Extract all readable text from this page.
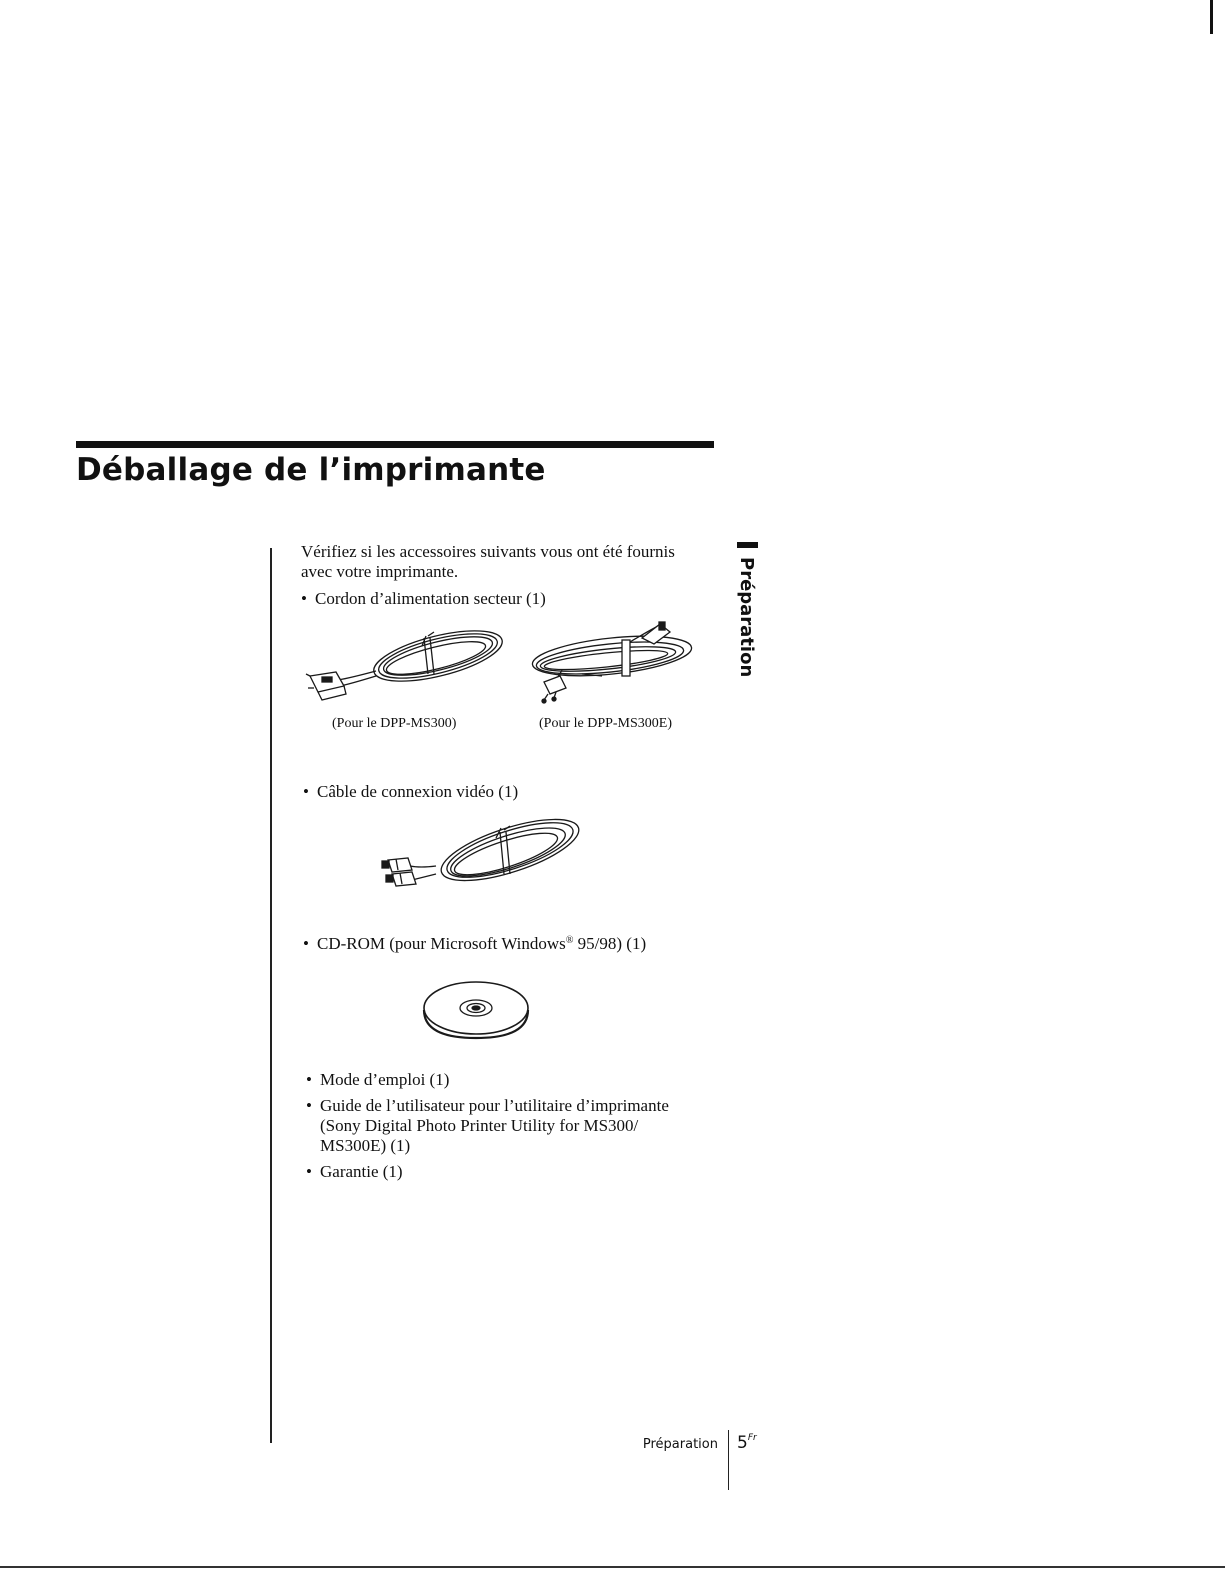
Déballage de l’imprimante
Vérifiez si les accessoires suivants vous ont été fournis
avec votre imprimante.
• Cordon d’alimentation secteur (1)
(Pour le DPP-MS300)	(Pour le DPP-MS300E)
• Câble de connexion vidéo (1)
• CD-ROM (pour Microsoft Windows® 95/98) (1)
• Mode d’emploi (1)
• Guide de l’utilisateur pour l’utilitaire d’imprimante
(Sony Digital Photo Printer Utility for MS300/
MS300E) (1)
• Garantie (1)
Préparation
Préparation $5^{Fr}$
